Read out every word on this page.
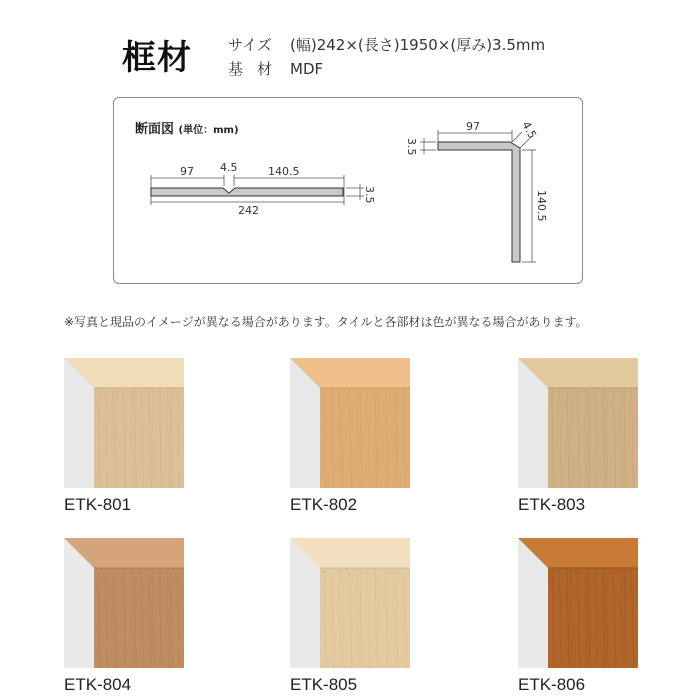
框材 サイズ (幅)242×(長さ)1950×(厚み)3.5mm
基材 MDF
断面図 (単位：mm)
97 4.5	140.5
242
3.5
97	4.5
3.5
140.5
※写真と現品のイメージが異なる場合があります。タイルと各部材は色が異なる場合があります。
ETK-801	ETK-802	ETK-803
ETK-804	ETK-805	ETK-806
